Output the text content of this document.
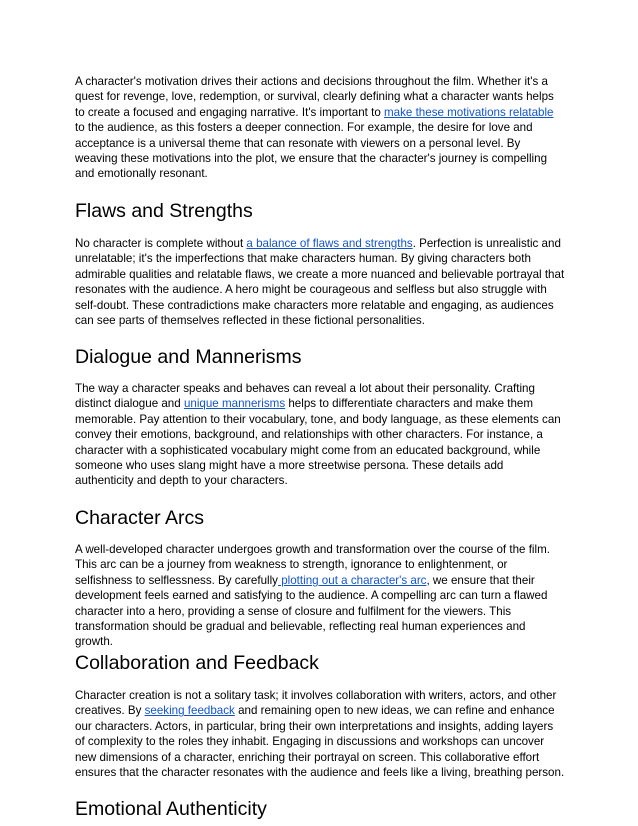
A character's motivation drives their actions and decisions throughout the film. Whether it's a quest for revenge, love, redemption, or survival, clearly defining what a character wants helps to create a focused and engaging narrative. It's important to make these motivations relatable to the audience, as this fosters a deeper connection. For example, the desire for love and acceptance is a universal theme that can resonate with viewers on a personal level. By weaving these motivations into the plot, we ensure that the character's journey is compelling and emotionally resonant.

Flaws and Strengths

No character is complete without a balance of flaws and strengths. Perfection is unrealistic and unrelatable; it's the imperfections that make characters human. By giving characters both admirable qualities and relatable flaws, we create a more nuanced and believable portrayal that resonates with the audience. A hero might be courageous and selfless but also struggle with self-doubt. These contradictions make characters more relatable and engaging, as audiences can see parts of themselves reflected in these fictional personalities.

Dialogue and Mannerisms

The way a character speaks and behaves can reveal a lot about their personality. Crafting distinct dialogue and unique mannerisms helps to differentiate characters and make them memorable. Pay attention to their vocabulary, tone, and body language, as these elements can convey their emotions, background, and relationships with other characters. For instance, a character with a sophisticated vocabulary might come from an educated background, while someone who uses slang might have a more streetwise persona. These details add authenticity and depth to your characters.

Character Arcs

A well-developed character undergoes growth and transformation over the course of the film. This arc can be a journey from weakness to strength, ignorance to enlightenment, or selfishness to selflessness. By carefully plotting out a character's arc, we ensure that their development feels earned and satisfying to the audience. A compelling arc can turn a flawed character into a hero, providing a sense of closure and fulfilment for the viewers. This transformation should be gradual and believable, reflecting real human experiences and growth.

Collaboration and Feedback

Character creation is not a solitary task; it involves collaboration with writers, actors, and other creatives. By seeking feedback and remaining open to new ideas, we can refine and enhance our characters. Actors, in particular, bring their own interpretations and insights, adding layers of complexity to the roles they inhabit. Engaging in discussions and workshops can uncover new dimensions of a character, enriching their portrayal on screen. This collaborative effort ensures that the character resonates with the audience and feels like a living, breathing person.

Emotional Authenticity
